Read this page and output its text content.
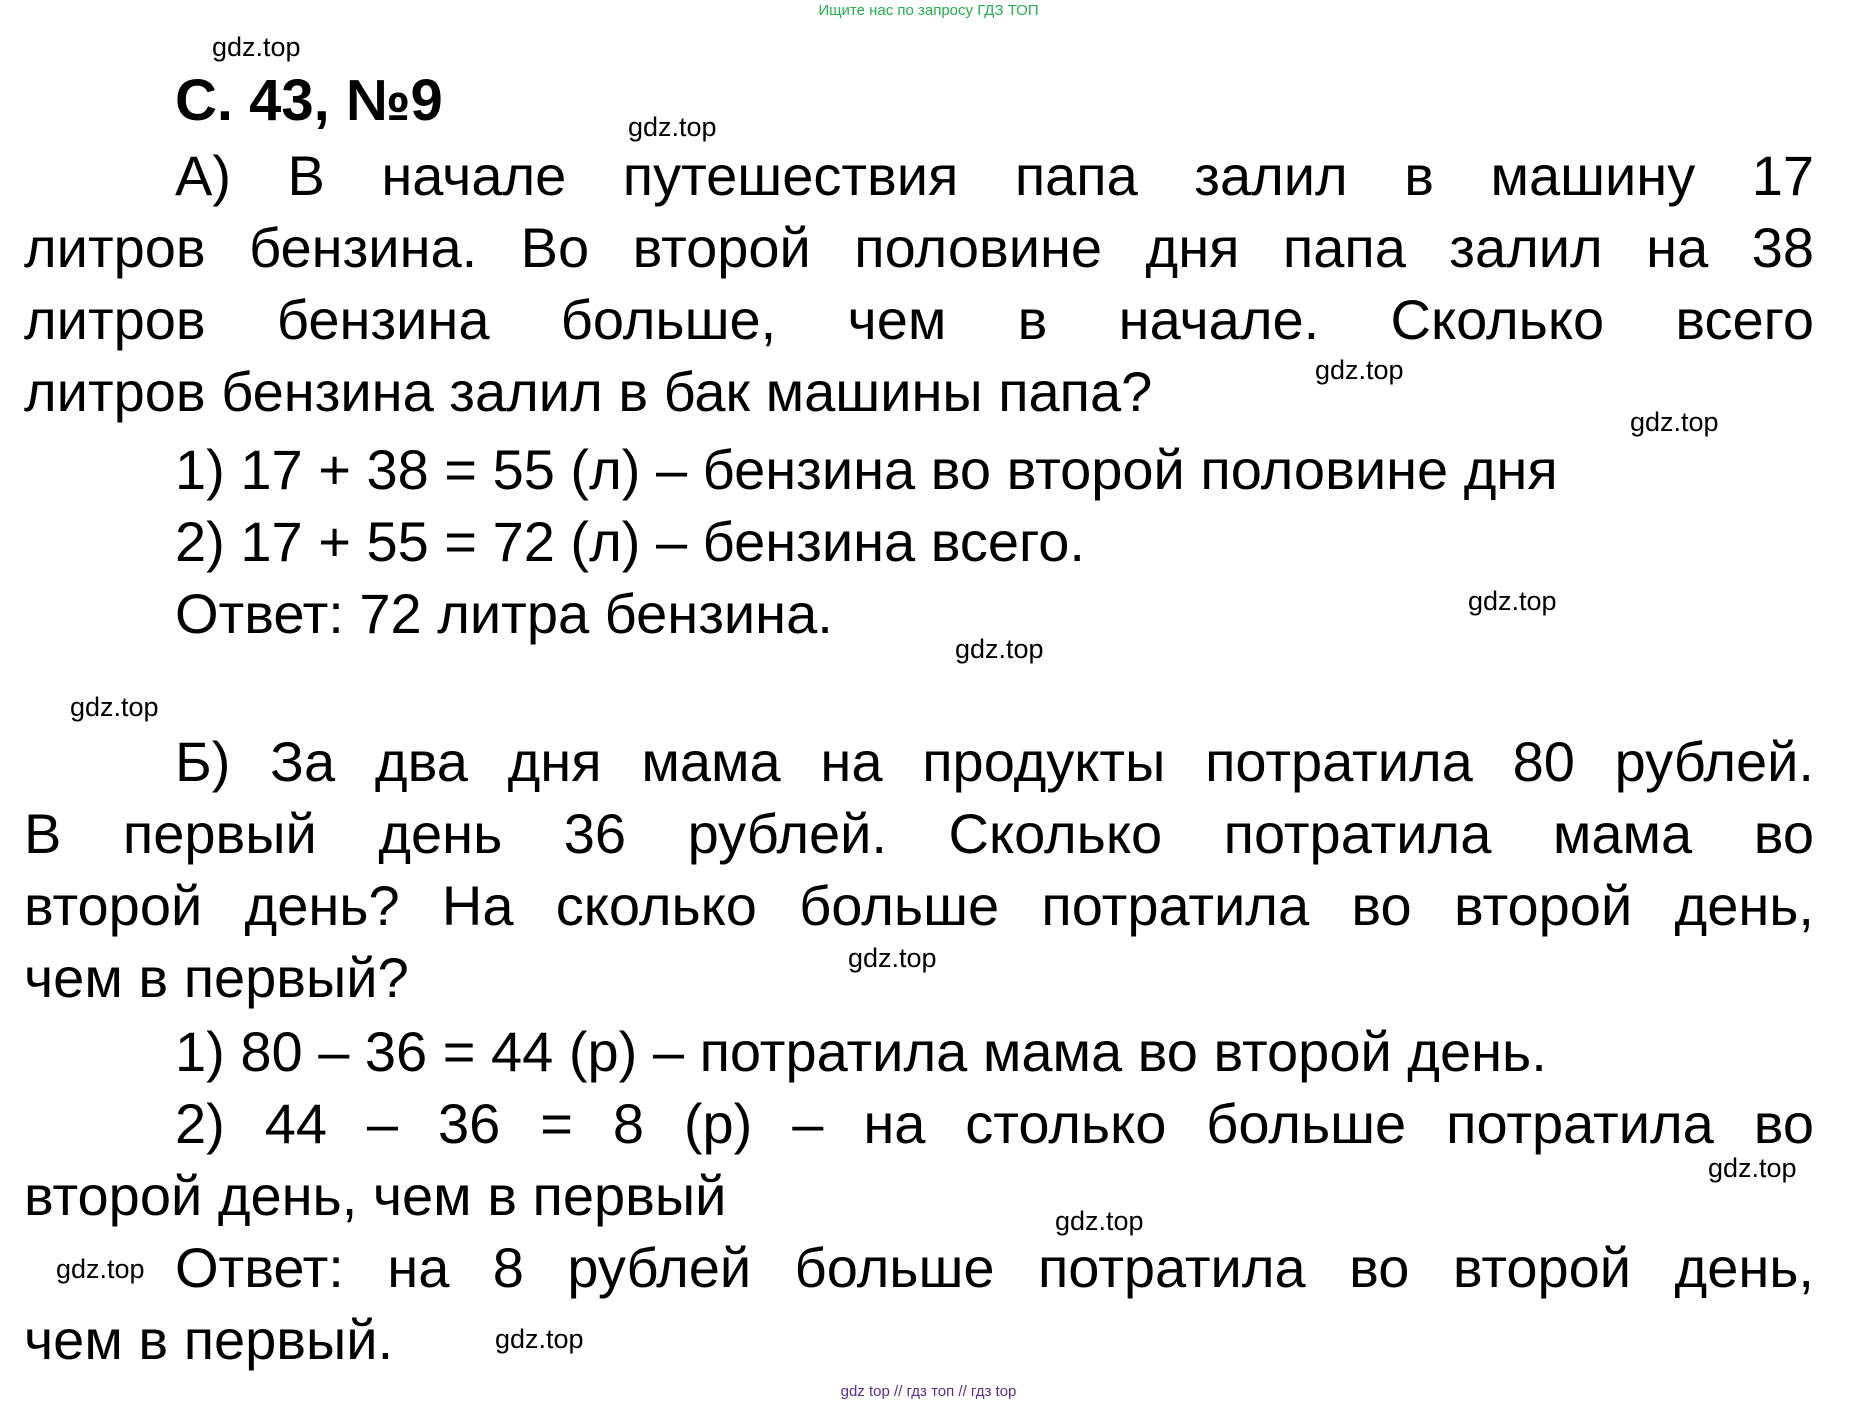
Ищите нас по запросу ГДЗ ТОП
С. 43, №9
А) В начале путешествия папа залил в машину 17
литров бензина. Во второй половине дня папа залил на 38
литров бензина больше, чем в начале. Сколько всего
литров бензина залил в бак машины папа?
1) 17 + 38 = 55 (л) – бензина во второй половине дня
2) 17 + 55 = 72 (л) – бензина всего.
Ответ: 72 литра бензина.
Б) За два дня мама на продукты потратила 80 рублей.
В первый день 36 рублей. Сколько потратила мама во
второй день? На сколько больше потратила во второй день,
чем в первый?
1) 80 – 36 = 44 (р) – потратила мама во второй день.
2) 44 – 36 = 8 (р) – на столько больше потратила во
второй день, чем в первый
Ответ: на 8 рублей больше потратила во второй день,
чем в первый.
gdz.top
gdz.top
gdz.top
gdz.top
gdz.top
gdz.top
gdz.top
gdz.top
gdz.top
gdz.top
gdz.top
gdz.top
gdz top // гдз топ // гдз top
